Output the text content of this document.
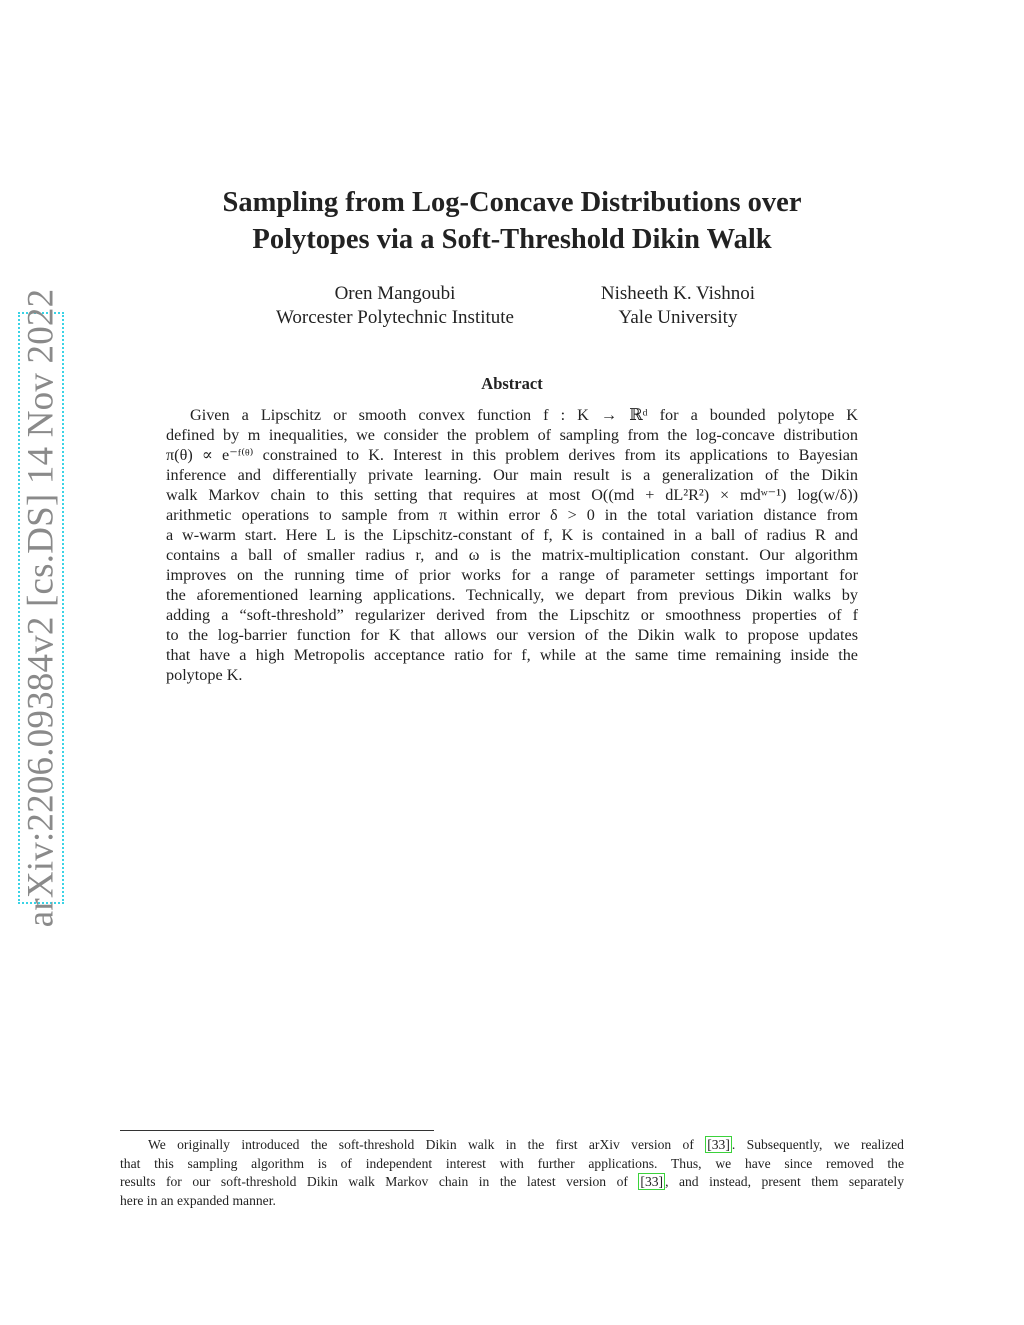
arXiv:2206.09384v2 [cs.DS] 14 Nov 2022
Sampling from Log-Concave Distributions over
Polytopes via a Soft-Threshold Dikin Walk
Oren Mangoubi
Worcester Polytechnic Institute
Nisheeth K. Vishnoi
Yale University
Abstract
Given a Lipschitz or smooth convex function f : K → ℝᵈ for a bounded polytope K
defined by m inequalities, we consider the problem of sampling from the log-concave distribution
π(θ) ∝ e⁻ᶠ⁽ᶿ⁾ constrained to K. Interest in this problem derives from its applications to Bayesian
inference and differentially private learning. Our main result is a generalization of the Dikin
walk Markov chain to this setting that requires at most O((md + dL²R²) × mdʷ⁻¹) log(w/δ))
arithmetic operations to sample from π within error δ > 0 in the total variation distance from
a w-warm start. Here L is the Lipschitz-constant of f, K is contained in a ball of radius R and
contains a ball of smaller radius r, and ω is the matrix-multiplication constant. Our algorithm
improves on the running time of prior works for a range of parameter settings important for
the aforementioned learning applications. Technically, we depart from previous Dikin walks by
adding a “soft-threshold” regularizer derived from the Lipschitz or smoothness properties of f
to the log-barrier function for K that allows our version of the Dikin walk to propose updates
that have a high Metropolis acceptance ratio for f, while at the same time remaining inside the
polytope K.
We originally introduced the soft-threshold Dikin walk in the first arXiv version of [33] . Subsequently, we realized
that this sampling algorithm is of independent interest with further applications. Thus, we have since removed the
results for our soft-threshold Dikin walk Markov chain in the latest version of [33] , and instead, present them separately
here in an expanded manner.
